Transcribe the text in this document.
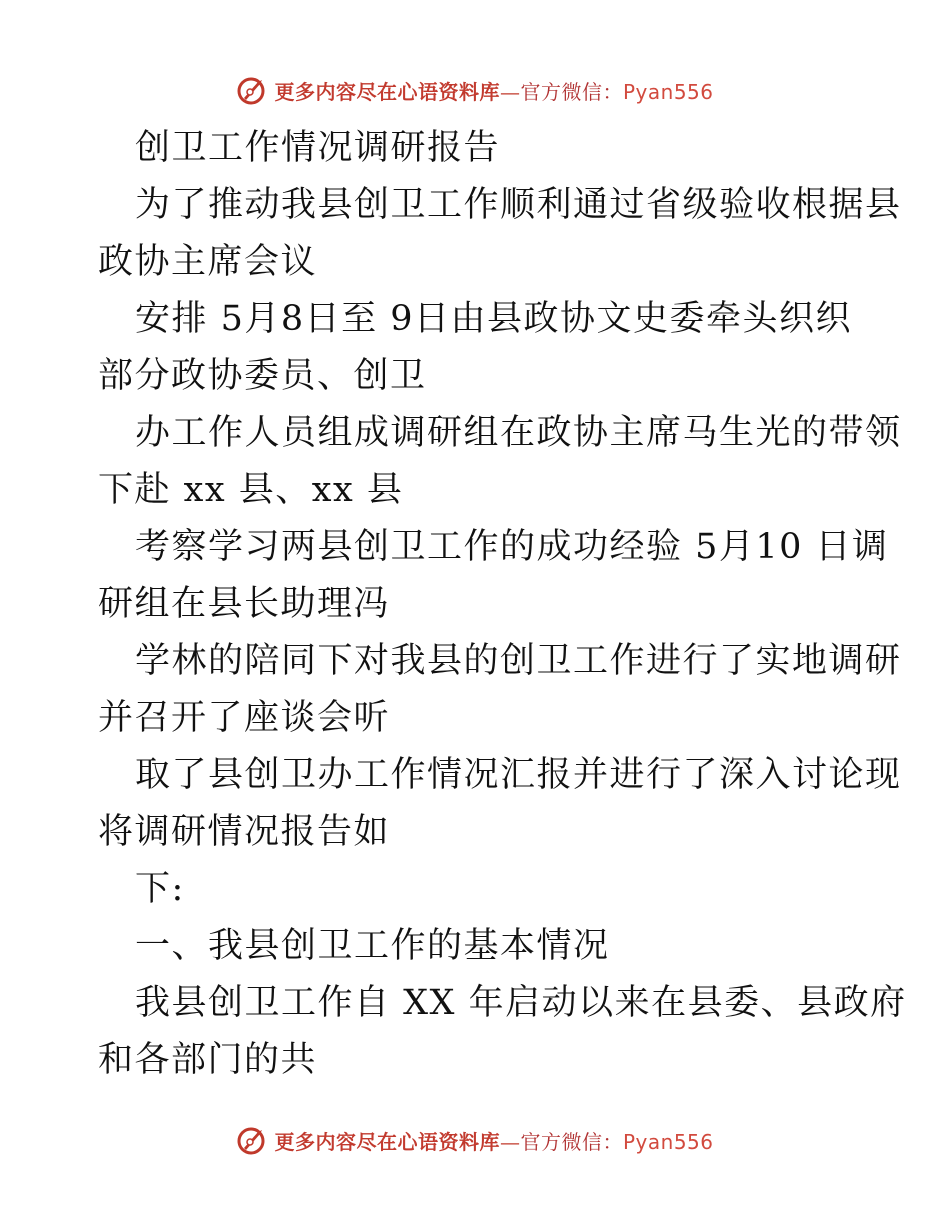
更多内容尽在心语资料库—官方微信：Pyan556
创卫工作情况调研报告
为了推动我县创卫工作顺利通过省级验收根据县
政协主席会议
安排 5月8日至 9日由县政协文史委牵头织织
部分政协委员、创卫
办工作人员组成调研组在政协主席马生光的带领
下赴 xx 县、xx 县
考察学习两县创卫工作的成功经验 5月10 日调
研组在县长助理冯
学林的陪同下对我县的创卫工作进行了实地调研
并召开了座谈会听
取了县创卫办工作情况汇报并进行了深入讨论现
将调研情况报告如
下:
一、我县创卫工作的基本情况
我县创卫工作自 XX 年启动以来在县委、县政府
和各部门的共
更多内容尽在心语资料库—官方微信：Pyan556
